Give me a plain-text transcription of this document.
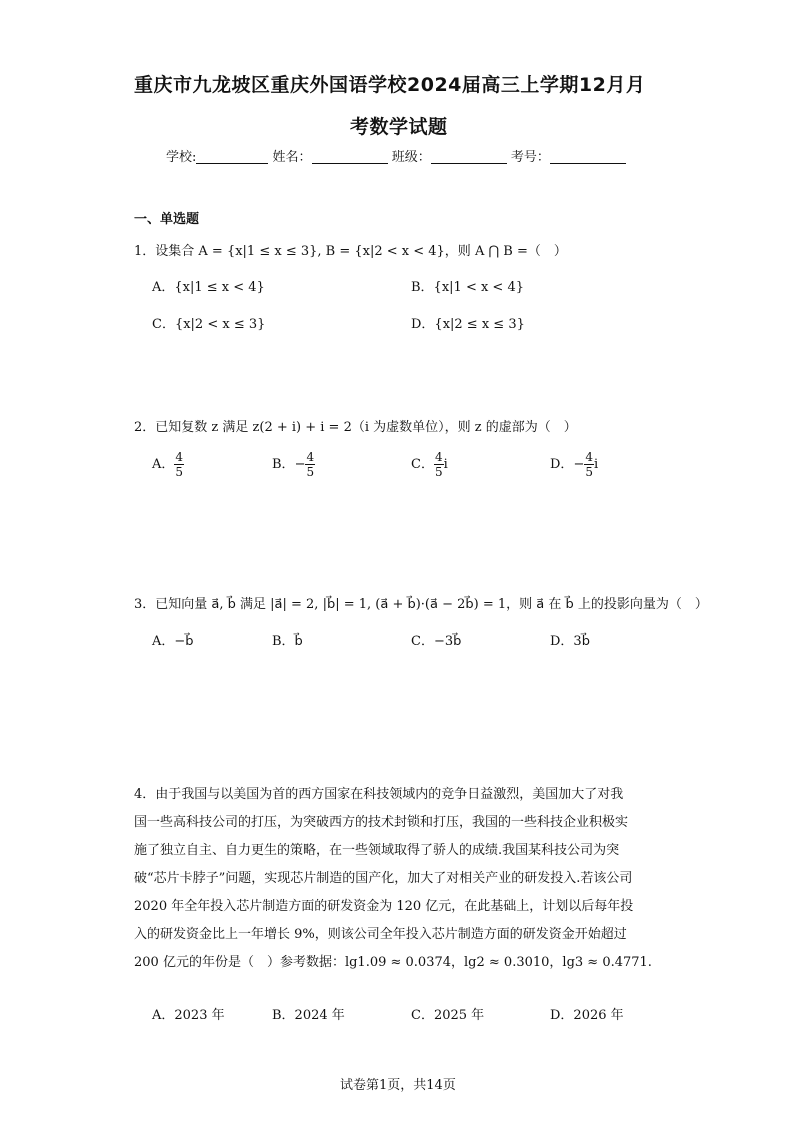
重庆市九龙坡区重庆外国语学校2024届高三上学期12月月
考数学试题
学校:	姓名：	班级：	考号：
一、单选题
1．设集合 A = {x|1 ≤ x ≤ 3}, B = {x|2 < x < 4}，则 A ⋂ B =（　）
A．{x|1 ≤ x < 4}	B．{x|1 < x < 4}
C．{x|2 < x ≤ 3}	D．{x|2 ≤ x ≤ 3}
2．已知复数 z 满足 z(2 + i) + i = 2（i 为虚数单位），则 z 的虚部为（　）
A． $\frac{4}{5}$	B．− $\frac{4}{5}$	C． $\frac{4}{5}$ i	D．− $\frac{4}{5}$ i
3．已知向量 a⃗, b⃗ 满足 |a⃗| = 2, |b⃗| = 1, (a⃗ + b⃗)·(a⃗ − 2b⃗) = 1，则 a⃗ 在 b⃗ 上的投影向量为（　）
A．−b⃗	B．b⃗	C．−3b⃗	D．3b⃗
4．由于我国与以美国为首的西方国家在科技领域内的竞争日益激烈，美国加大了对我
国一些高科技公司的打压，为突破西方的技术封锁和打压，我国的一些科技企业积极实
施了独立自主、自力更生的策略，在一些领域取得了骄人的成绩.我国某科技公司为突
破“芯片卡脖子”问题，实现芯片制造的国产化，加大了对相关产业的研发投入.若该公司
2020 年全年投入芯片制造方面的研发资金为 120 亿元，在此基础上，计划以后每年投
入的研发资金比上一年增长 9%，则该公司全年投入芯片制造方面的研发资金开始超过
200 亿元的年份是（　）参考数据：lg1.09 ≈ 0.0374，lg2 ≈ 0.3010，lg3 ≈ 0.4771.
A．2023 年	B．2024 年	C．2025 年	D．2026 年
试卷第1页，共14页
